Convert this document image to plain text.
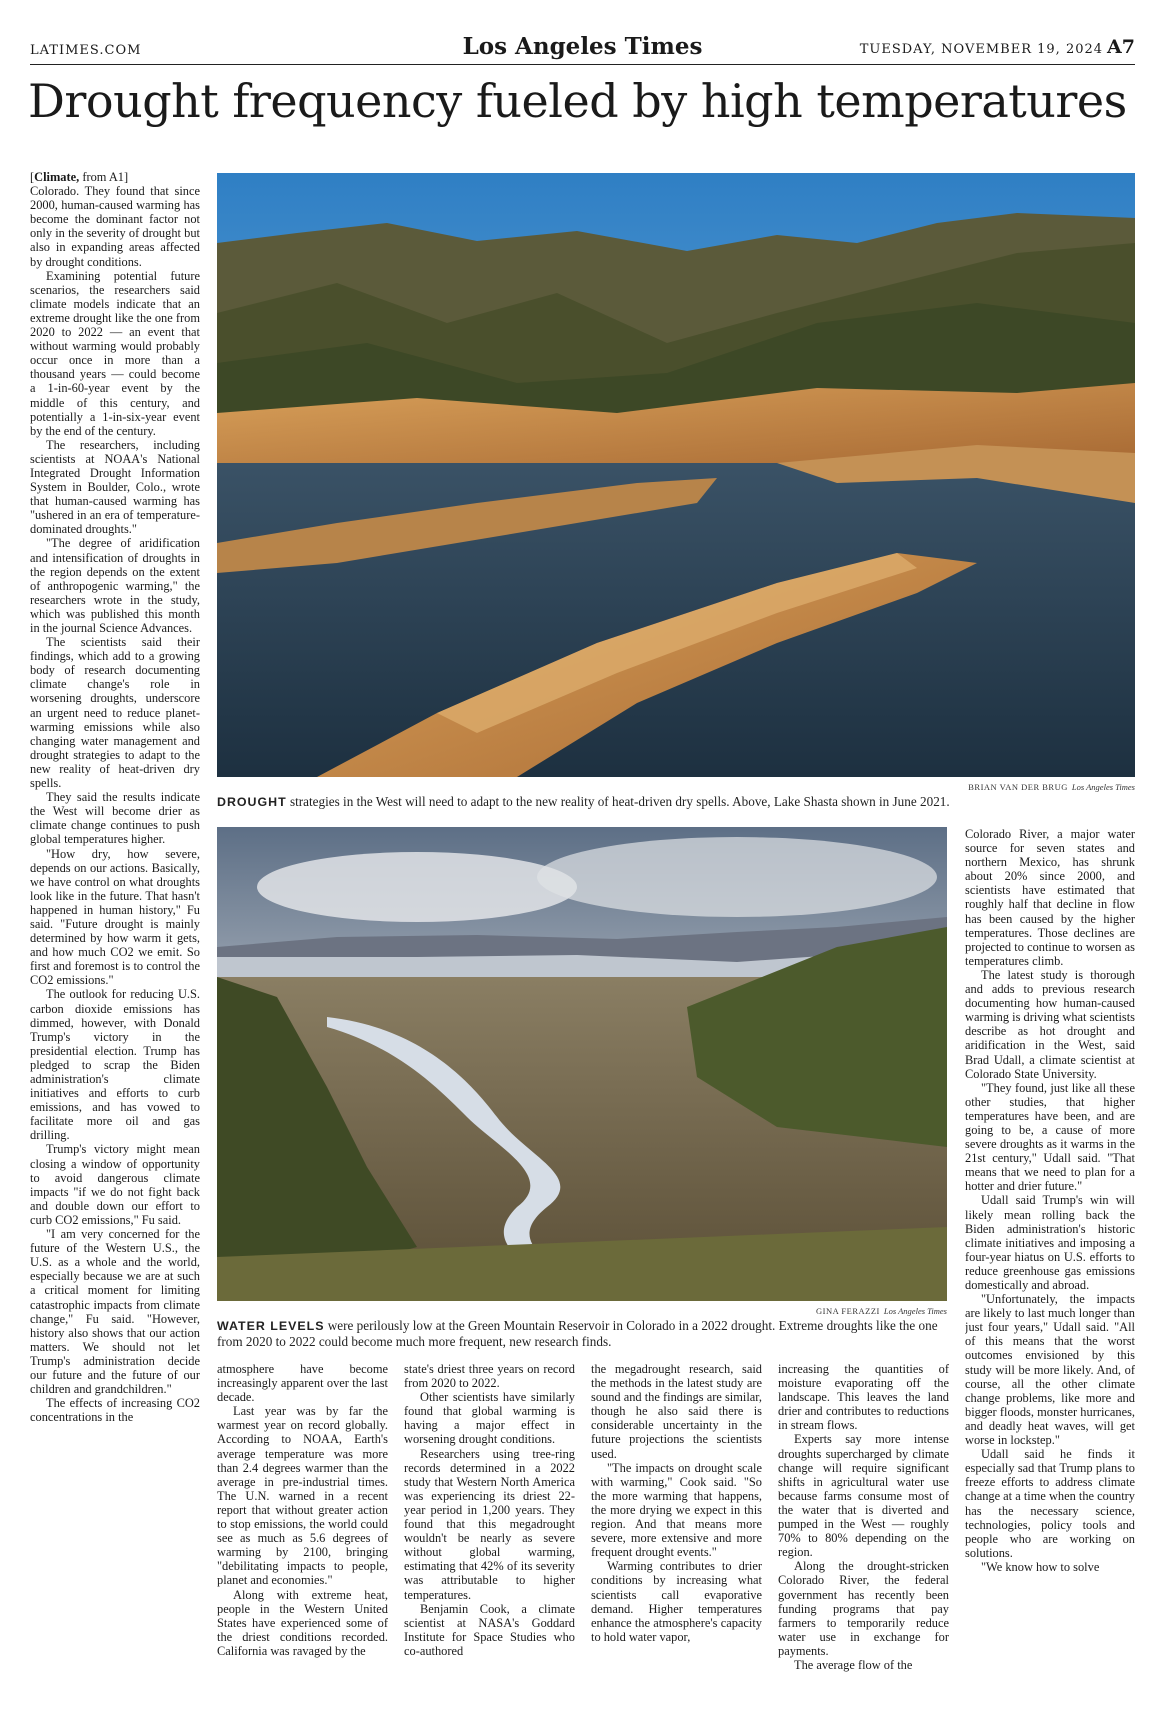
LATIMES.COM	Los Angeles Times	TUESDAY, NOVEMBER 19, 2024 A7
Drought frequency fueled by high temperatures

[Climate, from A1]

Colorado. They found that since 2000, human-caused warming has become the dominant factor not only in the severity of drought but also in expanding areas affected by drought conditions.

Examining potential future scenarios, the researchers said climate models indicate that an extreme drought like the one from 2020 to 2022 — an event that without warming would probably occur once in more than a thousand years — could become a 1-in-60-year event by the middle of this century, and potentially a 1-in-six-year event by the end of the century.

The researchers, including scientists at NOAA's National Integrated Drought Information System in Boulder, Colo., wrote that human-caused warming has "ushered in an era of temperature-dominated droughts."

"The degree of aridification and intensification of droughts in the region depends on the extent of anthropogenic warming," the researchers wrote in the study, which was published this month in the journal Science Advances.

The scientists said their findings, which add to a growing body of research documenting climate change's role in worsening droughts, underscore an urgent need to reduce planet-warming emissions while also changing water management and drought strategies to adapt to the new reality of heat-driven dry spells.

They said the results indicate the West will become drier as climate change continues to push global temperatures higher.

"How dry, how severe, depends on our actions. Basically, we have control on what droughts look like in the future. That hasn't happened in human history," Fu said. "Future drought is mainly determined by how warm it gets, and how much CO2 we emit. So first and foremost is to control the CO2 emissions."

The outlook for reducing U.S. carbon dioxide emissions has dimmed, however, with Donald Trump's victory in the presidential election. Trump has pledged to scrap the Biden administration's climate initiatives and efforts to curb emissions, and has vowed to facilitate more oil and gas drilling.

Trump's victory might mean closing a window of opportunity to avoid dangerous climate impacts "if we do not fight back and double down our effort to curb CO2 emissions," Fu said.

"I am very concerned for the future of the Western U.S., the U.S. as a whole and the world, especially because we are at such a critical moment for limiting catastrophic impacts from climate change," Fu said. "However, history also shows that our action matters. We should not let Trump's administration decide our future and the future of our children and grandchildren."

The effects of increasing CO2 concentrations in the

BRIAN VAN DER BRUG Los Angeles Times
DROUGHT strategies in the West will need to adapt to the new reality of heat-driven dry spells. Above, Lake Shasta shown in June 2021.
GINA FERAZZI Los Angeles Times
WATER LEVELS were perilously low at the Green Mountain Reservoir in Colorado in a 2022 drought. Extreme droughts like the one from 2020 to 2022 could become much more frequent, new research finds.

atmosphere have become increasingly apparent over the last decade.

Last year was by far the warmest year on record globally. According to NOAA, Earth's average temperature was more than 2.4 degrees warmer than the average in pre-industrial times. The U.N. warned in a recent report that without greater action to stop emissions, the world could see as much as 5.6 degrees of warming by 2100, bringing "debilitating impacts to people, planet and economies."

Along with extreme heat, people in the Western United States have experienced some of the driest conditions recorded. California was ravaged by the

state's driest three years on record from 2020 to 2022.

Other scientists have similarly found that global warming is having a major effect in worsening drought conditions.

Researchers using tree-ring records determined in a 2022 study that Western North America was experiencing its driest 22-year period in 1,200 years. They found that this megadrought wouldn't be nearly as severe without global warming, estimating that 42% of its severity was attributable to higher temperatures.

Benjamin Cook, a climate scientist at NASA's Goddard Institute for Space Studies who co-authored

the megadrought research, said the methods in the latest study are sound and the findings are similar, though he also said there is considerable uncertainty in the future projections the scientists used.

"The impacts on drought scale with warming," Cook said. "So the more warming that happens, the more drying we expect in this region. And that means more severe, more extensive and more frequent drought events."

Warming contributes to drier conditions by increasing what scientists call evaporative demand. Higher temperatures enhance the atmosphere's capacity to hold water vapor,

increasing the quantities of moisture evaporating off the landscape. This leaves the land drier and contributes to reductions in stream flows.

Experts say more intense droughts supercharged by climate change will require significant shifts in agricultural water use because farms consume most of the water that is diverted and pumped in the West — roughly 70% to 80% depending on the region.

Along the drought-stricken Colorado River, the federal government has recently been funding programs that pay farmers to temporarily reduce water use in exchange for payments.

The average flow of the

Colorado River, a major water source for seven states and northern Mexico, has shrunk about 20% since 2000, and scientists have estimated that roughly half that decline in flow has been caused by the higher temperatures. Those declines are projected to continue to worsen as temperatures climb.

The latest study is thorough and adds to previous research documenting how human-caused warming is driving what scientists describe as hot drought and aridification in the West, said Brad Udall, a climate scientist at Colorado State University.

"They found, just like all these other studies, that higher temperatures have been, and are going to be, a cause of more severe droughts as it warms in the 21st century," Udall said. "That means that we need to plan for a hotter and drier future."

Udall said Trump's win will likely mean rolling back the Biden administration's historic climate initiatives and imposing a four-year hiatus on U.S. efforts to reduce greenhouse gas emissions domestically and abroad.

"Unfortunately, the impacts are likely to last much longer than just four years," Udall said. "All of this means that the worst outcomes envisioned by this study will be more likely. And, of course, all the other climate change problems, like more and bigger floods, monster hurricanes, and deadly heat waves, will get worse in lockstep."

Udall said he finds it especially sad that Trump plans to freeze efforts to address climate change at a time when the country has the necessary science, technologies, policy tools and people who are working on solutions.

"We know how to solve
